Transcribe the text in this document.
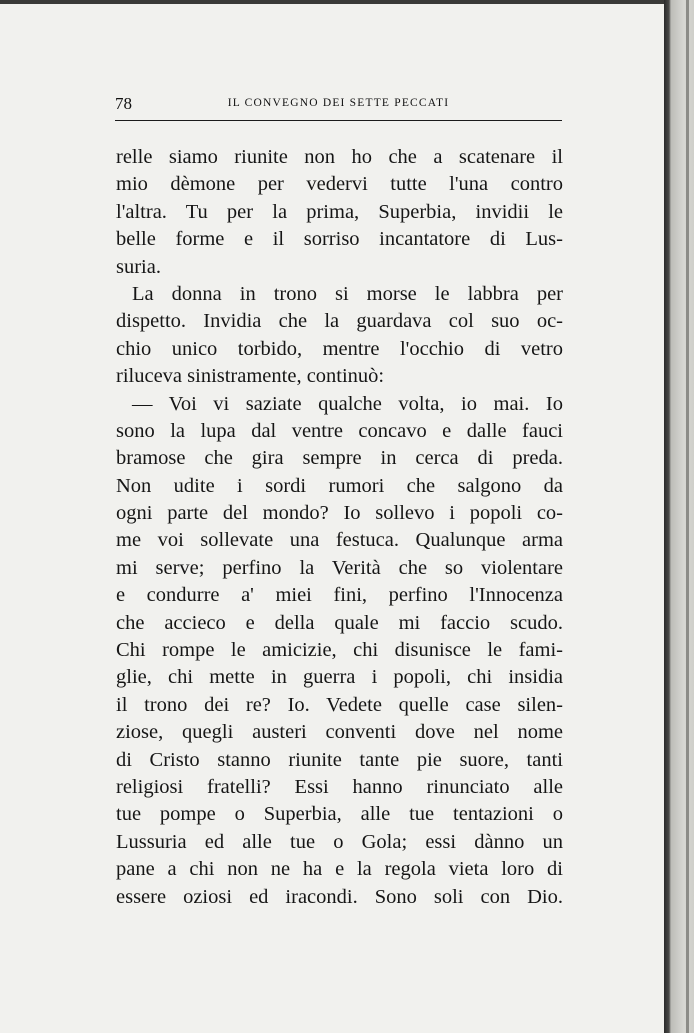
78	IL CONVEGNO DEI SETTE PECCATI
relle siamo riunite non ho che a scatenare il
mio dèmone per vedervi tutte l'una contro
l'altra. Tu per la prima, Superbia, invidii le
belle forme e il sorriso incantatore di Lus-
suria.
La donna in trono si morse le labbra per
dispetto. Invidia che la guardava col suo oc-
chio unico torbido, mentre l'occhio di vetro
riluceva sinistramente, continuò:
— Voi vi saziate qualche volta, io mai. Io
sono la lupa dal ventre concavo e dalle fauci
bramose che gira sempre in cerca di preda.
Non udite i sordi rumori che salgono da
ogni parte del mondo? Io sollevo i popoli co-
me voi sollevate una festuca. Qualunque arma
mi serve; perfino la Verità che so violentare
e condurre a' miei fini, perfino l'Innocenza
che accieco e della quale mi faccio scudo.
Chi rompe le amicizie, chi disunisce le fami-
glie, chi mette in guerra i popoli, chi insidia
il trono dei re? Io. Vedete quelle case silen-
ziose, quegli austeri conventi dove nel nome
di Cristo stanno riunite tante pie suore, tanti
religiosi fratelli? Essi hanno rinunciato alle
tue pompe o Superbia, alle tue tentazioni o
Lussuria ed alle tue o Gola; essi dànno un
pane a chi non ne ha e la regola vieta loro di
essere oziosi ed iracondi. Sono soli con Dio.
